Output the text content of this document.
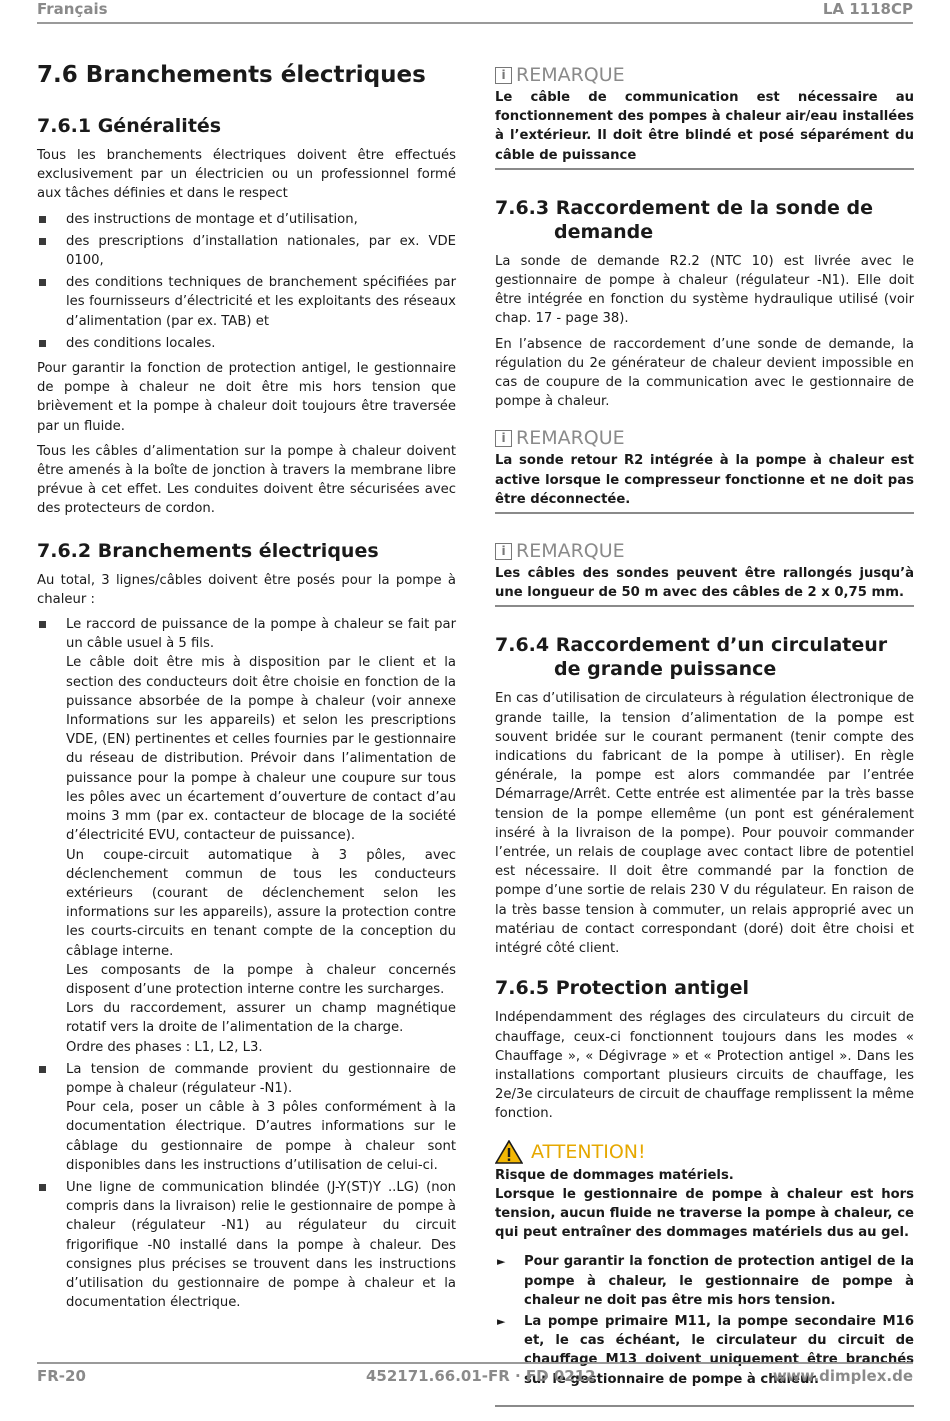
Français	LA 1118CP
7.6 Branchements électriques
7.6.1 Généralités

Tous les branchements électriques doivent être effectués exclusivement par un électricien ou un professionnel formé aux tâches définies et dans le respect

des instructions de montage et d’utilisation,
des prescriptions d’installation nationales, par ex. VDE 0100,
des conditions techniques de branchement spécifiées par les fournisseurs d’électricité et les exploitants des réseaux d’alimentation (par ex. TAB) et
des conditions locales.

Pour garantir la fonction de protection antigel, le gestionnaire de pompe à chaleur ne doit être mis hors tension que brièvement et la pompe à chaleur doit toujours être traversée par un fluide.

Tous les câbles d’alimentation sur la pompe à chaleur doivent être amenés à la boîte de jonction à travers la membrane libre prévue à cet effet. Les conduites doivent être sécurisées avec des protecteurs de cordon.

7.6.2 Branchements électriques

Au total, 3 lignes/câbles doivent être posés pour la pompe à chaleur :

Le raccord de puissance de la pompe à chaleur se fait par un câble usuel à 5 fils.
Le câble doit être mis à disposition par le client et la section des conducteurs doit être choisie en fonction de la puissance absorbée de la pompe à chaleur (voir annexe Informations sur les appareils) et selon les prescriptions VDE, (EN) pertinentes et celles fournies par le gestionnaire du réseau de distribution. Prévoir dans l’alimentation de puissance pour la pompe à chaleur une coupure sur tous les pôles avec un écartement d’ouverture de contact d’au moins 3 mm (par ex. contacteur de blocage de la société d’électricité EVU, contacteur de puissance).
Un coupe-circuit automatique à 3 pôles, avec déclenchement commun de tous les conducteurs extérieurs (courant de déclenchement selon les informations sur les appareils), assure la protection contre les courts-circuits en tenant compte de la conception du câblage interne.
Les composants de la pompe à chaleur concernés disposent d’une protection interne contre les surcharges.
Lors du raccordement, assurer un champ magnétique rotatif vers la droite de l’alimentation de la charge.
Ordre des phases : L1, L2, L3.
La tension de commande provient du gestionnaire de pompe à chaleur (régulateur -N1).
Pour cela, poser un câble à 3 pôles conformément à la documentation électrique. D’autres informations sur le câblage du gestionnaire de pompe à chaleur sont disponibles dans les instructions d’utilisation de celui-ci.
Une ligne de communication blindée (J-Y(ST)Y ..LG) (non compris dans la livraison) relie le gestionnaire de pompe à chaleur (régulateur -N1) au régulateur du circuit frigorifique -N0 installé dans la pompe à chaleur. Des consignes plus précises se trouvent dans les instructions d’utilisation du gestionnaire de pompe à chaleur et la documentation électrique.
i REMARQUE

Le câble de communication est nécessaire au fonctionnement des pompes à chaleur air/eau installées à l’extérieur. Il doit être blindé et posé séparément du câble de puissance

7.6.3 Raccordement de la sonde de demande

La sonde de demande R2.2 (NTC 10) est livrée avec le gestionnaire de pompe à chaleur (régulateur -N1). Elle doit être intégrée en fonction du système hydraulique utilisé (voir chap. 17 - page 38).

En l’absence de raccordement d’une sonde de demande, la régulation du 2e générateur de chaleur devient impossible en cas de coupure de la communication avec le gestionnaire de pompe à chaleur.

i REMARQUE

La sonde retour R2 intégrée à la pompe à chaleur est active lorsque le compresseur fonctionne et ne doit pas être déconnectée.

i REMARQUE

Les câbles des sondes peuvent être rallongés jusqu’à une longueur de 50 m avec des câbles de 2 x 0,75 mm.

7.6.4 Raccordement d’un circulateur de grande puissance

En cas d’utilisation de circulateurs à régulation électronique de grande taille, la tension d’alimentation de la pompe est souvent bridée sur le courant permanent (tenir compte des indications du fabricant de la pompe à utiliser). En règle générale, la pompe est alors commandée par l’entrée Démarrage/Arrêt. Cette entrée est alimentée par la très basse tension de la pompe ellemême (un pont est généralement inséré à la livraison de la pompe). Pour pouvoir commander l’entrée, un relais de couplage avec contact libre de potentiel est nécessaire. Il doit être commandé par la fonction de pompe d’une sortie de relais 230 V du régulateur. En raison de la très basse tension à commuter, un relais approprié avec un matériau de contact correspondant (doré) doit être choisi et intégré côté client.

7.6.5 Protection antigel

Indépendamment des réglages des circulateurs du circuit de chauffage, ceux-ci fonctionnent toujours dans les modes « Chauffage », « Dégivrage » et « Protection antigel ». Dans les installations comportant plusieurs circuits de chauffage, les 2e/3e circulateurs de circuit de chauffage remplissent la même fonction.

ATTENTION!

Risque de dommages matériels.
Lorsque le gestionnaire de pompe à chaleur est hors tension, aucun fluide ne traverse la pompe à chaleur, ce qui peut entraîner des dommages matériels dus au gel.

► Pour garantir la fonction de protection antigel de la pompe à chaleur, le gestionnaire de pompe à chaleur ne doit pas être mis hors tension.
► La pompe primaire M11, la pompe secondaire M16 et, le cas échéant, le circulateur du circuit de chauffage M13 doivent uniquement être branchés sur le gestionnaire de pompe à chaleur.
FR-20	452171.66.01-FR · FD 0212	www.dimplex.de
